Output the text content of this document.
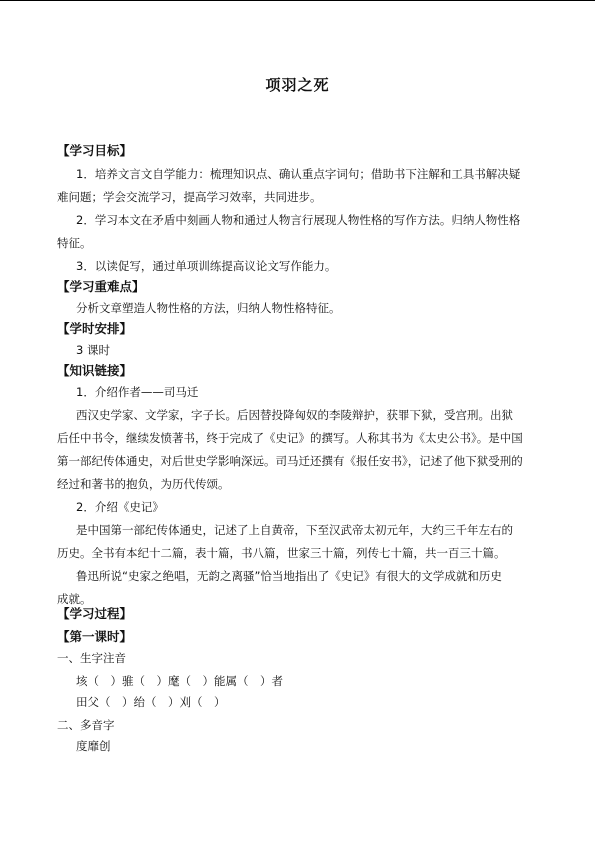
项羽之死
【学习目标】
1．培养文言文自学能力：梳理知识点、确认重点字词句；借助书下注解和工具书解决疑
难问题；学会交流学习，提高学习效率，共同进步。
2．学习本文在矛盾中刻画人物和通过人物言行展现人物性格的写作方法。归纳人物性格
特征。
3．以读促写，通过单项训练提高议论文写作能力。
【学习重难点】
分析文章塑造人物性格的方法，归纳人物性格特征。
【学时安排】
3 课时
【知识链接】
1．介绍作者——司马迁
西汉史学家、文学家，字子长。后因替投降匈奴的李陵辩护，获罪下狱，受宫刑。出狱
后任中书令，继续发愤著书，终于完成了《史记》的撰写。人称其书为《太史公书》。是中国
第一部纪传体通史，对后世史学影响深远。司马迁还撰有《报任安书》，记述了他下狱受刑的
经过和著书的抱负，为历代传颂。
2．介绍《史记》
是中国第一部纪传体通史，记述了上自黄帝，下至汉武帝太初元年，大约三千年左右的
历史。全书有本纪十二篇，表十篇，书八篇，世家三十篇，列传七十篇，共一百三十篇。
鲁迅所说“史家之绝唱，无韵之离骚”恰当地指出了《史记》有很大的文学成就和历史
成就。
【学习过程】
【第一课时】
一、生字注音
垓（　）骓（　）麾（　）能属（　）者
田父（　）绐（　）刈（　）
二、多音字
度靡创
